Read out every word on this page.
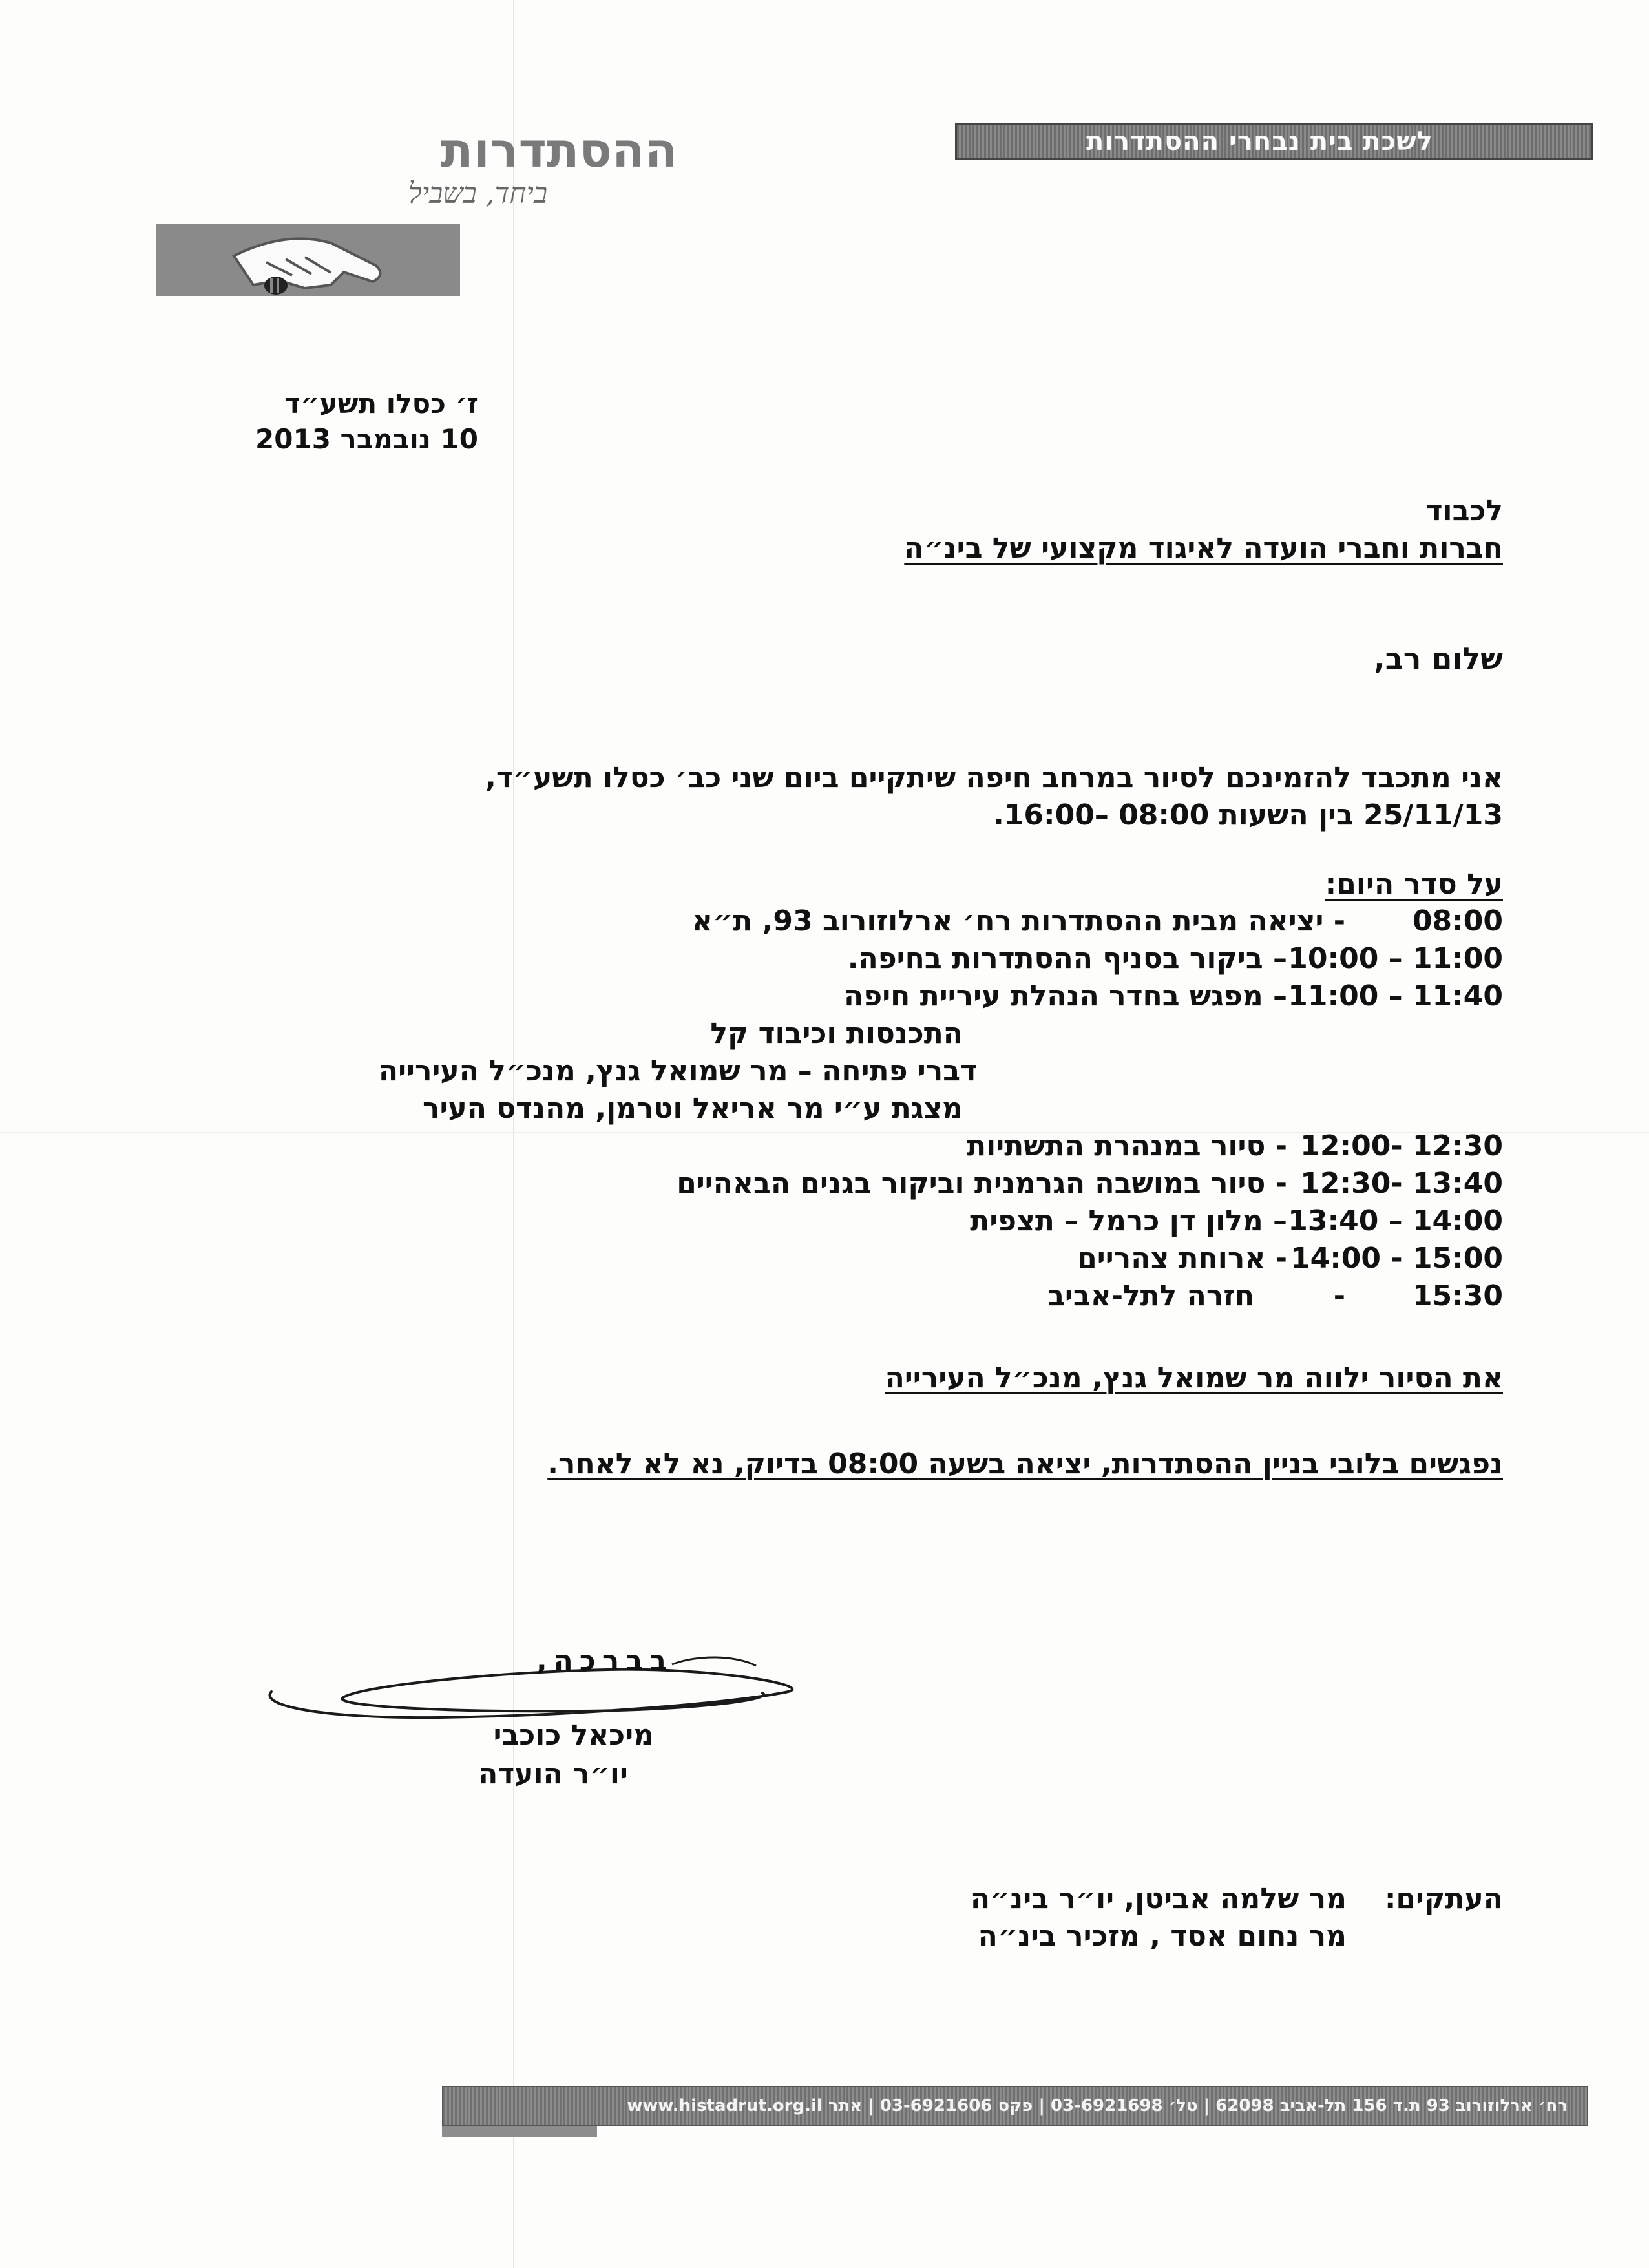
לשכת בית נבחרי ההסתדרות
ההסתדרות
ביחד, בשביל
ז׳ כסלו תשע״ד
10 נובמבר 2013
לכבוד
חברות וחברי הועדה לאיגוד מקצועי של בינ״ה
שלום רב,
אני מתכבד להזמינכם לסיור במרחב חיפה שיתקיים ביום שני כב׳ כסלו תשע״ד,
25/11/13 בין השעות 08:00 –16:00.
על סדר היום:
08:00
- יציאה מבית ההסתדרות רח׳ ארלוזורוב 93, ת״א
10:00 – 11:00
– ביקור בסניף ההסתדרות בחיפה.
11:00 – 11:40
– מפגש בחדר הנהלת עיריית חיפה
התכנסות וכיבוד קל
דברי פתיחה – מר שמואל גנץ, מנכ״ל העירייה
מצגת ע״י מר אריאל וטרמן, מהנדס העיר
12:00- 12:30
- סיור במנהרת התשתיות
12:30- 13:40
- סיור במושבה הגרמנית וביקור בגנים הבאהיים
13:40 – 14:00
– מלון דן כרמל – תצפית
14:00 - 15:00
- ארוחת צהריים
15:30
-        חזרה לתל-אביב
את הסיור ילווה מר שמואל גנץ, מנכ״ל העירייה
נפגשים בלובי בניין ההסתדרות, יציאה בשעה 08:00 בדיוק, נא לא לאחר.
בברכה,
מיכאל כוכבי
יו״ר הועדה
העתקים:
מר שלמה אביטן, יו״ר בינ״ה
מר נחום אסד , מזכיר בינ״ה
רח׳ ארלוזורוב 93 ת.ד 156 תל-אביב 62098 | טל׳ 03-6921698 | פקס 03-6921606 | אתר www.histadrut.org.il
